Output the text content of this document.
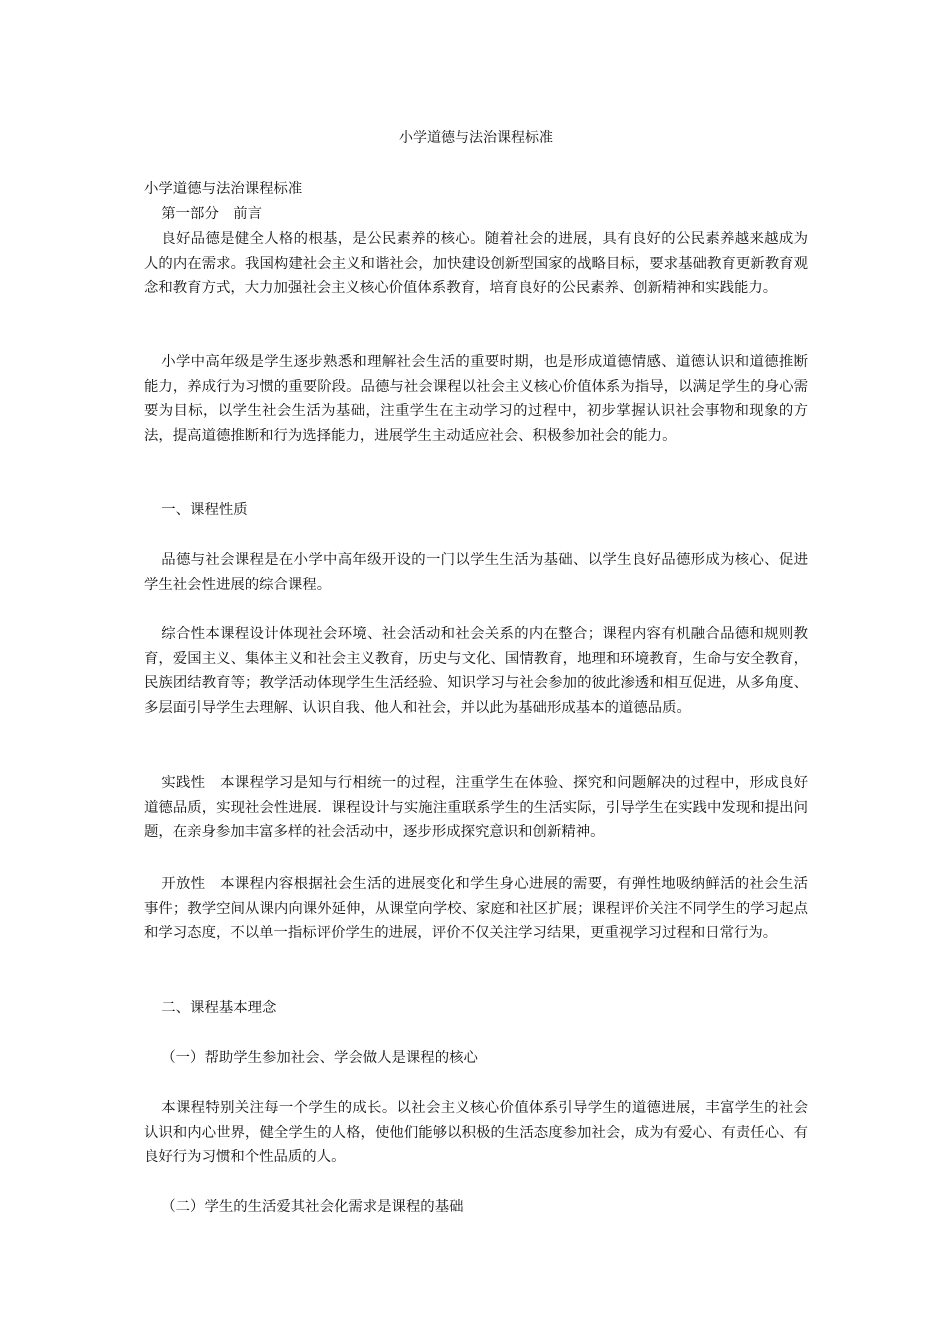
小学道德与法治课程标准

小学道德与法治课程标准

第一部分　前言

良好品德是健全人格的根基，是公民素养的核心。随着社会的进展，具有良好的公民素养越来越成为人的内在需求。我国构建社会主义和谐社会，加快建设创新型国家的战略目标，要求基础教育更新教育观念和教育方式，大力加强社会主义核心价值体系教育，培育良好的公民素养、创新精神和实践能力。

小学中高年级是学生逐步熟悉和理解社会生活的重要时期，也是形成道德情感、道德认识和道德推断能力，养成行为习惯的重要阶段。品德与社会课程以社会主义核心价值体系为指导，以满足学生的身心需要为目标，以学生社会生活为基础，注重学生在主动学习的过程中，初步掌握认识社会事物和现象的方法，提高道德推断和行为选择能力，进展学生主动适应社会、积极参加社会的能力。

一、课程性质

品德与社会课程是在小学中高年级开设的一门以学生生活为基础、以学生良好品德形成为核心、促进学生社会性进展的综合课程。

综合性本课程设计体现社会环境、社会活动和社会关系的内在整合；课程内容有机融合品德和规则教育，爱国主义、集体主义和社会主义教育，历史与文化、国情教育，地理和环境教育，生命与安全教育，民族团结教育等；教学活动体现学生生活经验、知识学习与社会参加的彼此渗透和相互促进，从多角度、多层面引导学生去理解、认识自我、他人和社会，并以此为基础形成基本的道德品质。

实践性　本课程学习是知与行相统一的过程，注重学生在体验、探究和问题解决的过程中，形成良好道德品质，实现社会性进展．课程设计与实施注重联系学生的生活实际，引导学生在实践中发现和提出问题，在亲身参加丰富多样的社会活动中，逐步形成探究意识和创新精神。

开放性　本课程内容根据社会生活的进展变化和学生身心进展的需要，有弹性地吸纳鲜活的社会生活事件；教学空间从课内向课外延伸，从课堂向学校、家庭和社区扩展；课程评价关注不同学生的学习起点和学习态度，不以单一指标评价学生的进展，评价不仅关注学习结果，更重视学习过程和日常行为。

二、课程基本理念

（一）帮助学生参加社会、学会做人是课程的核心

本课程特别关注每一个学生的成长。以社会主义核心价值体系引导学生的道德进展，丰富学生的社会认识和内心世界，健全学生的人格，使他们能够以积极的生活态度参加社会，成为有爱心、有责任心、有良好行为习惯和个性品质的人。

（二）学生的生活爱其社会化需求是课程的基础
